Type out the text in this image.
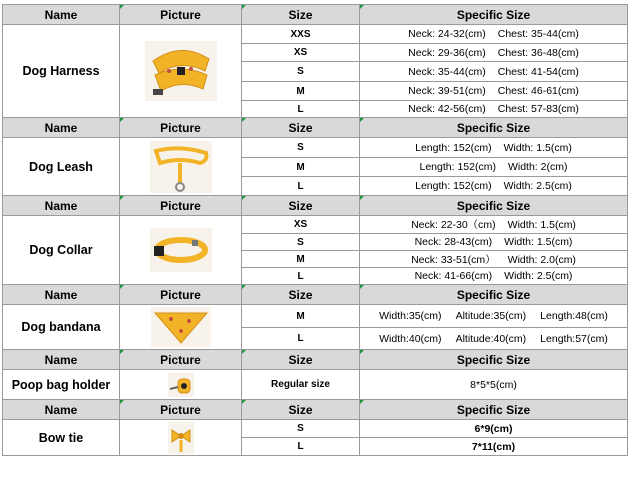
Name	Picture	Size	Specific Size
Dog Harness		XXS	Neck: 24-32(cm) Chest: 35-44(cm)
		XS	Neck: 29-36(cm) Chest: 36-48(cm)
		S	Neck: 35-44(cm) Chest: 41-54(cm)
		M	Neck: 39-51(cm) Chest: 46-61(cm)
		L	Neck: 42-56(cm) Chest: 57-83(cm)
Name	Picture	Size	Specific Size
Dog Leash		S	Length: 152(cm) Width: 1.5(cm)
		M	Length: 152(cm) Width: 2(cm)
		L	Length: 152(cm) Width: 2.5(cm)
Name	Picture	Size	Specific Size
Dog Collar		XS	Neck: 22-30（cm) Width: 1.5(cm)
		S	Neck: 28-43(cm) Width: 1.5(cm)
		M	Neck: 33-51(cm） Width: 2.0(cm)
		L	Neck: 41-66(cm) Width: 2.5(cm)
Name	Picture	Size	Specific Size
Dog bandana		M	Width:35(cm) Altitude:35(cm) Length:48(cm)
		L	Width:40(cm) Altitude:40(cm) Length:57(cm)
Name	Picture	Size	Specific Size
Poop bag holder		Regular size	8*5*5(cm)
Name	Picture	Size	Specific Size
Bow tie		S	6*9(cm)
		L	7*11(cm)
